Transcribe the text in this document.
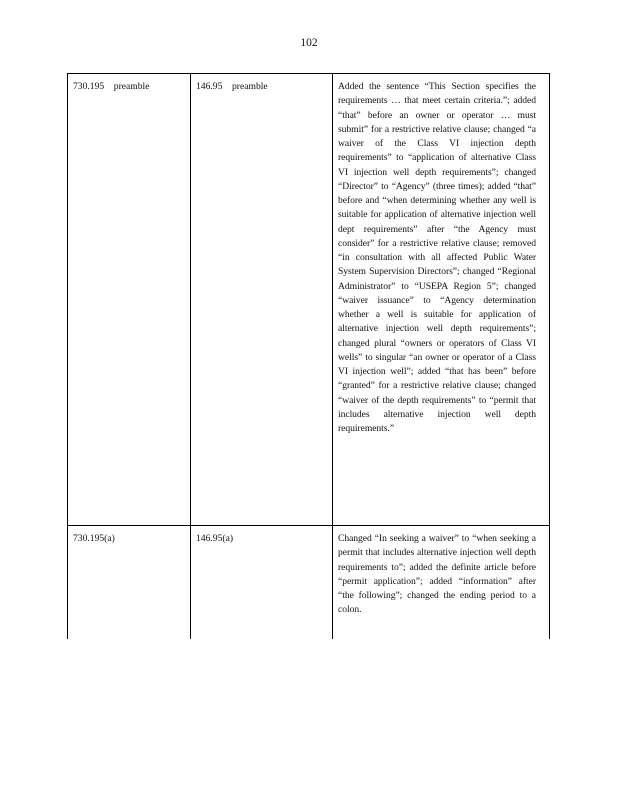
102
730.195    preamble	146.95    preamble	Added the sentence “This Section specifies the requirements … that meet certain criteria.”; added “that” before an owner or operator … must submit” for a restrictive relative clause; changed “a waiver of the Class VI injection depth requirements” to “application of alternative Class VI injection well depth requirements”; changed “Director” to “Agency” (three times); added “that” before and “when determining whether any well is suitable for application of alternative injection well dept requirements” after “the Agency must consider” for a restrictive relative clause; removed “in consultation with all affected Public Water System Supervision Directors”; changed “Regional Administrator” to “USEPA Region 5”; changed “waiver issuance” to “Agency determination whether a well is suitable for application of alternative injection well depth requirements”; changed plural “owners or operators of Class VI wells” to singular “an owner or operator of a Class VI injection well”; added “that has been” before “granted” for a restrictive relative clause; changed “waiver of the depth requirements” to “permit that includes alternative injection well depth requirements.”
730.195(a)	146.95(a)	Changed “In seeking a waiver” to “when seeking a permit that includes alternative injection well depth requirements to”; added the definite article before “permit application”; added “information” after “the following”; changed the ending period to a colon.
